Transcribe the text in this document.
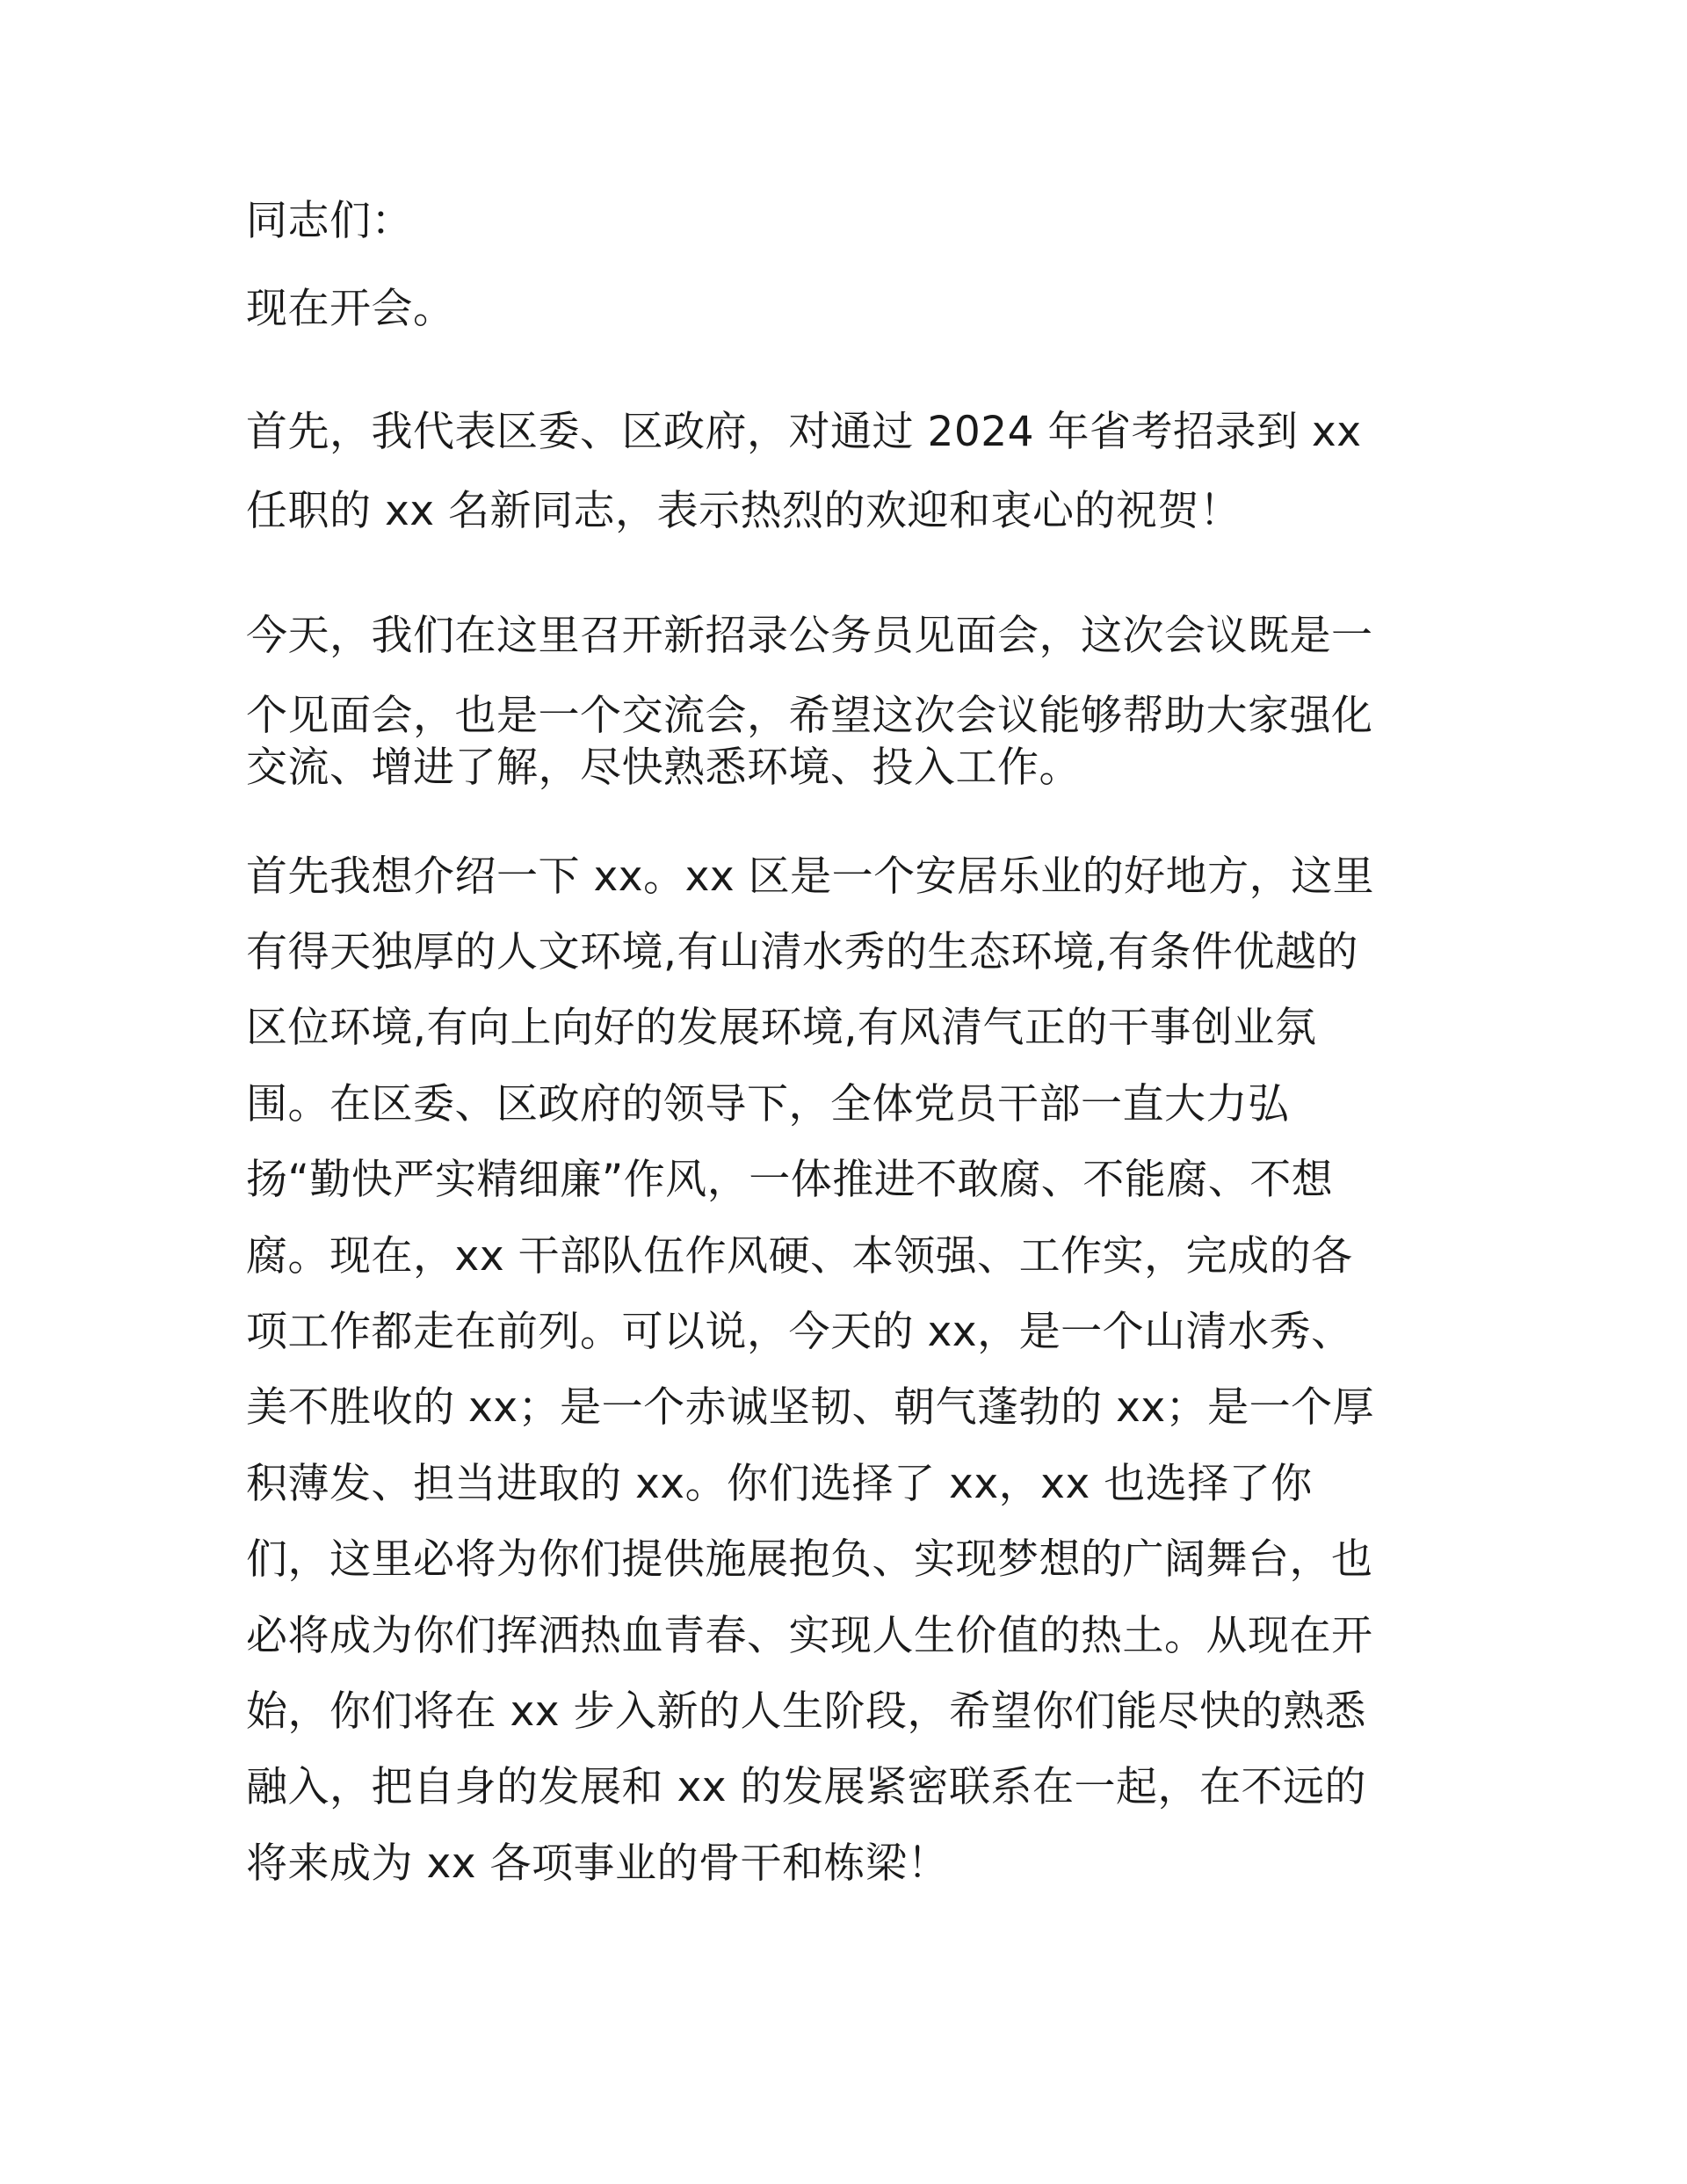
同志们：

现在开会。

首先，我代表区委、区政府，对通过 2024 年省考招录到 xx

任职的 xx 名新同志，表示热烈的欢迎和衷心的祝贺！

今天，我们在这里召开新招录公务员见面会，这次会议既是一

个见面会，也是一个交流会，希望这次会议能够帮助大家强化

交流、增进了解，尽快熟悉环境、投入工作。

首先我想介绍一下 xx。xx 区是一个安居乐业的好地方，这里

有得天独厚的人文环境,有山清水秀的生态环境,有条件优越的

区位环境,有向上向好的发展环境,有风清气正的干事创业氛

围。在区委、区政府的领导下，全体党员干部一直大力弘

扬“勤快严实精细廉”作风，一体推进不敢腐、不能腐、不想

腐。现在，xx 干部队伍作风硬、本领强、工作实，完成的各

项工作都走在前列。可以说，今天的 xx，是一个山清水秀、

美不胜收的 xx；是一个赤诚坚韧、朝气蓬勃的 xx；是一个厚

积薄发、担当进取的 xx。你们选择了 xx，xx 也选择了你

们，这里必将为你们提供施展抱负、实现梦想的广阔舞台，也

必将成为你们挥洒热血青春、实现人生价值的热土。从现在开

始，你们将在 xx 步入新的人生阶段，希望你们能尽快的熟悉

融入，把自身的发展和 xx 的发展紧密联系在一起，在不远的

将来成为 xx 各项事业的骨干和栋梁！
